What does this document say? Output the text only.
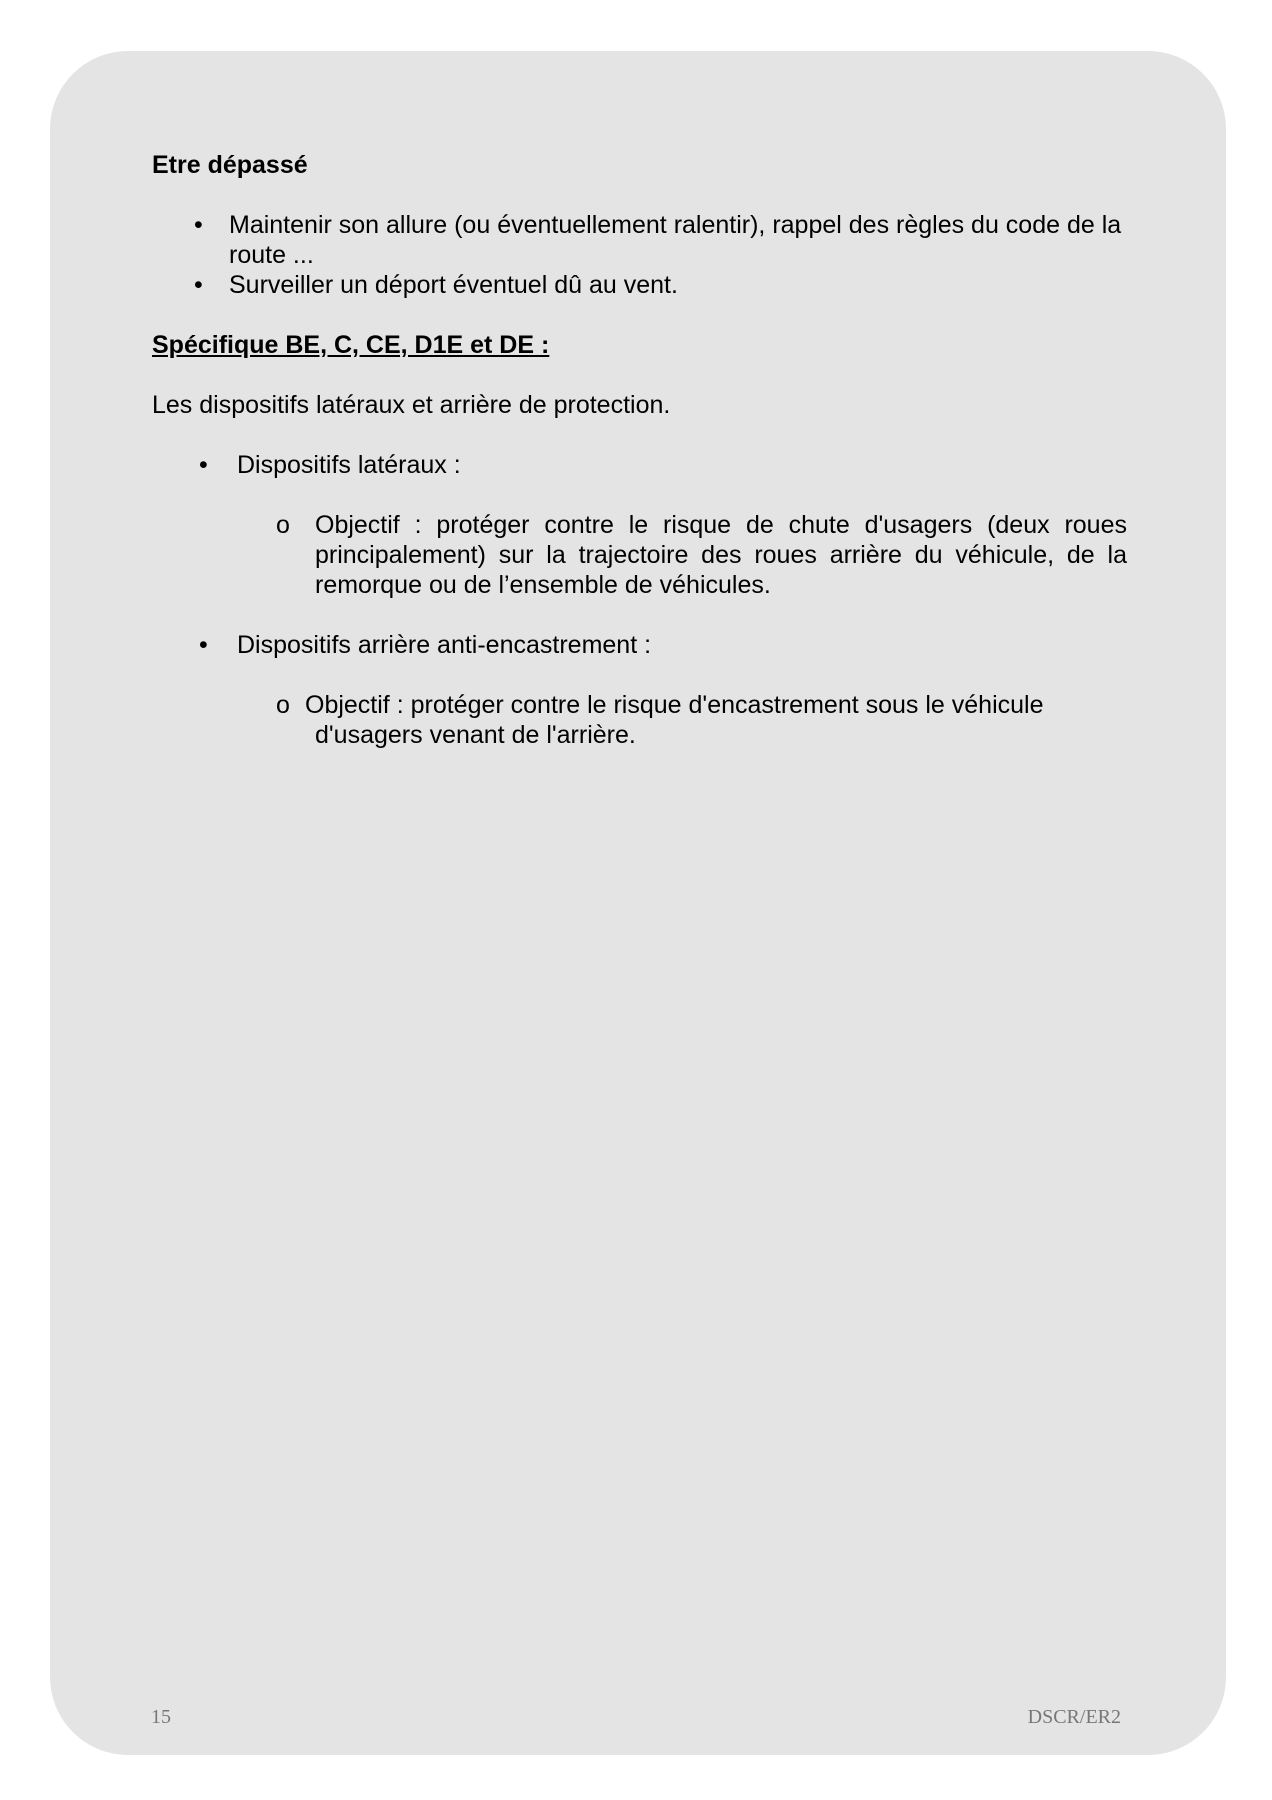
Etre dépassé
• Maintenir son allure (ou éventuellement ralentir), rappel des règles du code de la route ...
• Surveiller un déport éventuel dû au vent.
Spécifique BE, C, CE, D1E et DE :
Les dispositifs latéraux et arrière de protection.
• Dispositifs latéraux :
o Objectif : protéger contre le risque de chute d'usagers (deux roues principalement) sur la trajectoire des roues arrière du véhicule, de la remorque ou de l’ensemble de véhicules.
• Dispositifs arrière anti-encastrement :
o Objectif : protéger contre le risque d'encastrement sous le véhicule d'usagers venant de l'arrière.
15	DSCR/ER2
